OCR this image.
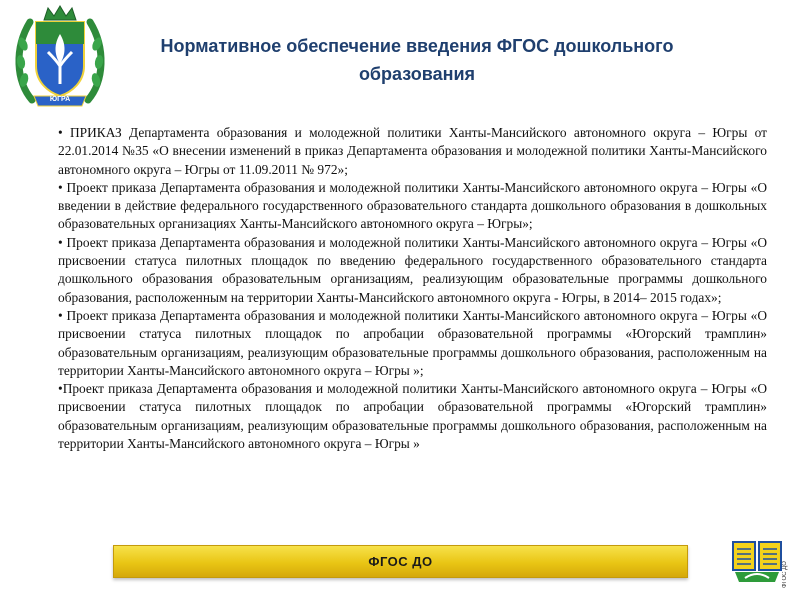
ЮГРА
Нормативное обеспечение введения ФГОС дошкольного образования

• ПРИКАЗ Департамента образования и молодежной политики Ханты-Мансийского автономного округа – Югры от 22.01.2014 №35 «О внесении изменений в приказ Департамента образования и молодежной политики Ханты-Мансийского автономного округа – Югры от 11.09.2011 № 972»;

• Проект приказа Департамента образования и молодежной политики Ханты-Мансийского автономного округа – Югры «О введении в действие федерального государственного образовательного стандарта дошкольного образования в дошкольных образовательных организациях Ханты-Мансийского автономного округа – Югры»;

• Проект приказа Департамента образования и молодежной политики Ханты-Мансийского автономного округа – Югры «О присвоении статуса пилотных площадок по введению федерального государственного образовательного стандарта дошкольного образования образовательным организациям, реализующим образовательные программы дошкольного образования, расположенным на территории Ханты-Мансийского автономного округа - Югры, в 2014– 2015 годах»;

• Проект приказа Департамента образования и молодежной политики Ханты-Мансийского автономного округа – Югры «О присвоении статуса пилотных площадок по апробации образовательной программы «Югорский трамплин» образовательным организациям, реализующим образовательные программы дошкольного образования, расположенным на территории Ханты-Мансийского автономного округа – Югры »;

•Проект приказа Департамента образования и молодежной политики Ханты-Мансийского автономного округа – Югры «О присвоении статуса пилотных площадок по апробации образовательной программы «Югорский трамплин» образовательным организациям, реализующим образовательные программы дошкольного образования, расположенным на территории Ханты-Мансийского автономного округа – Югры »

ФГОС ДО	ФГОС ДО
